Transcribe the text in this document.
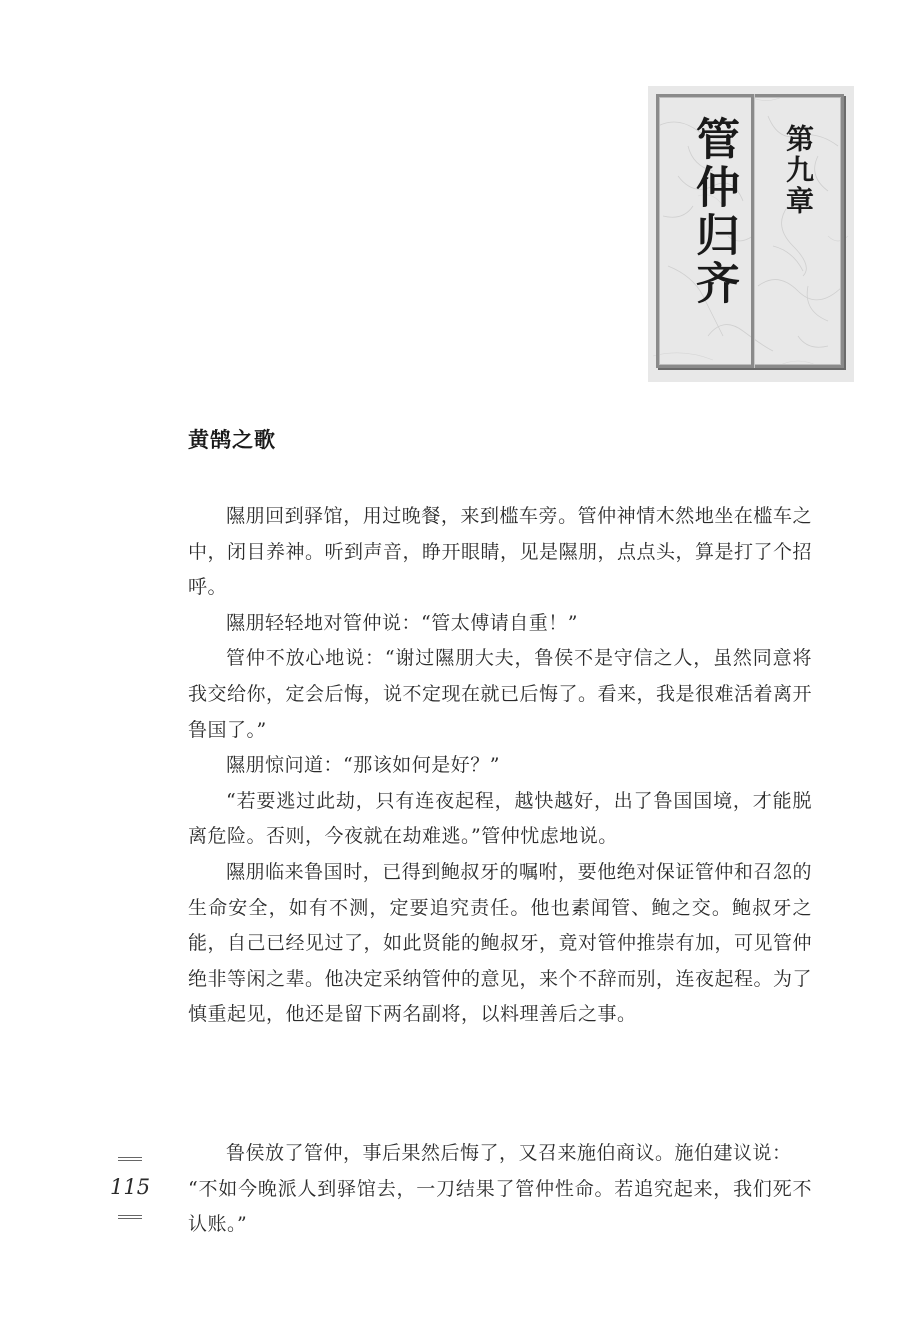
管仲归齐 第九章
黄鹄之歌

隰朋回到驿馆，用过晚餐，来到槛车旁。管仲神情木然地坐在槛车之中，闭目养神。听到声音，睁开眼睛，见是隰朋，点点头，算是打了个招呼。

隰朋轻轻地对管仲说：“管太傅请自重！”

管仲不放心地说：“谢过隰朋大夫，鲁侯不是守信之人，虽然同意将我交给你，定会后悔，说不定现在就已后悔了。看来，我是很难活着离开鲁国了。”

隰朋惊问道：“那该如何是好？”

“若要逃过此劫，只有连夜起程，越快越好，出了鲁国国境，才能脱离危险。否则，今夜就在劫难逃。”管仲忧虑地说。

隰朋临来鲁国时，已得到鲍叔牙的嘱咐，要他绝对保证管仲和召忽的生命安全，如有不测，定要追究责任。他也素闻管、鲍之交。鲍叔牙之能，自己已经见过了，如此贤能的鲍叔牙，竟对管仲推崇有加，可见管仲绝非等闲之辈。他决定采纳管仲的意见，来个不辞而别，连夜起程。为了慎重起见，他还是留下两名副将，以料理善后之事。

鲁侯放了管仲，事后果然后悔了，又召来施伯商议。施伯建议说：

“不如今晚派人到驿馆去，一刀结果了管仲性命。若追究起来，我们死不认账。”

115
